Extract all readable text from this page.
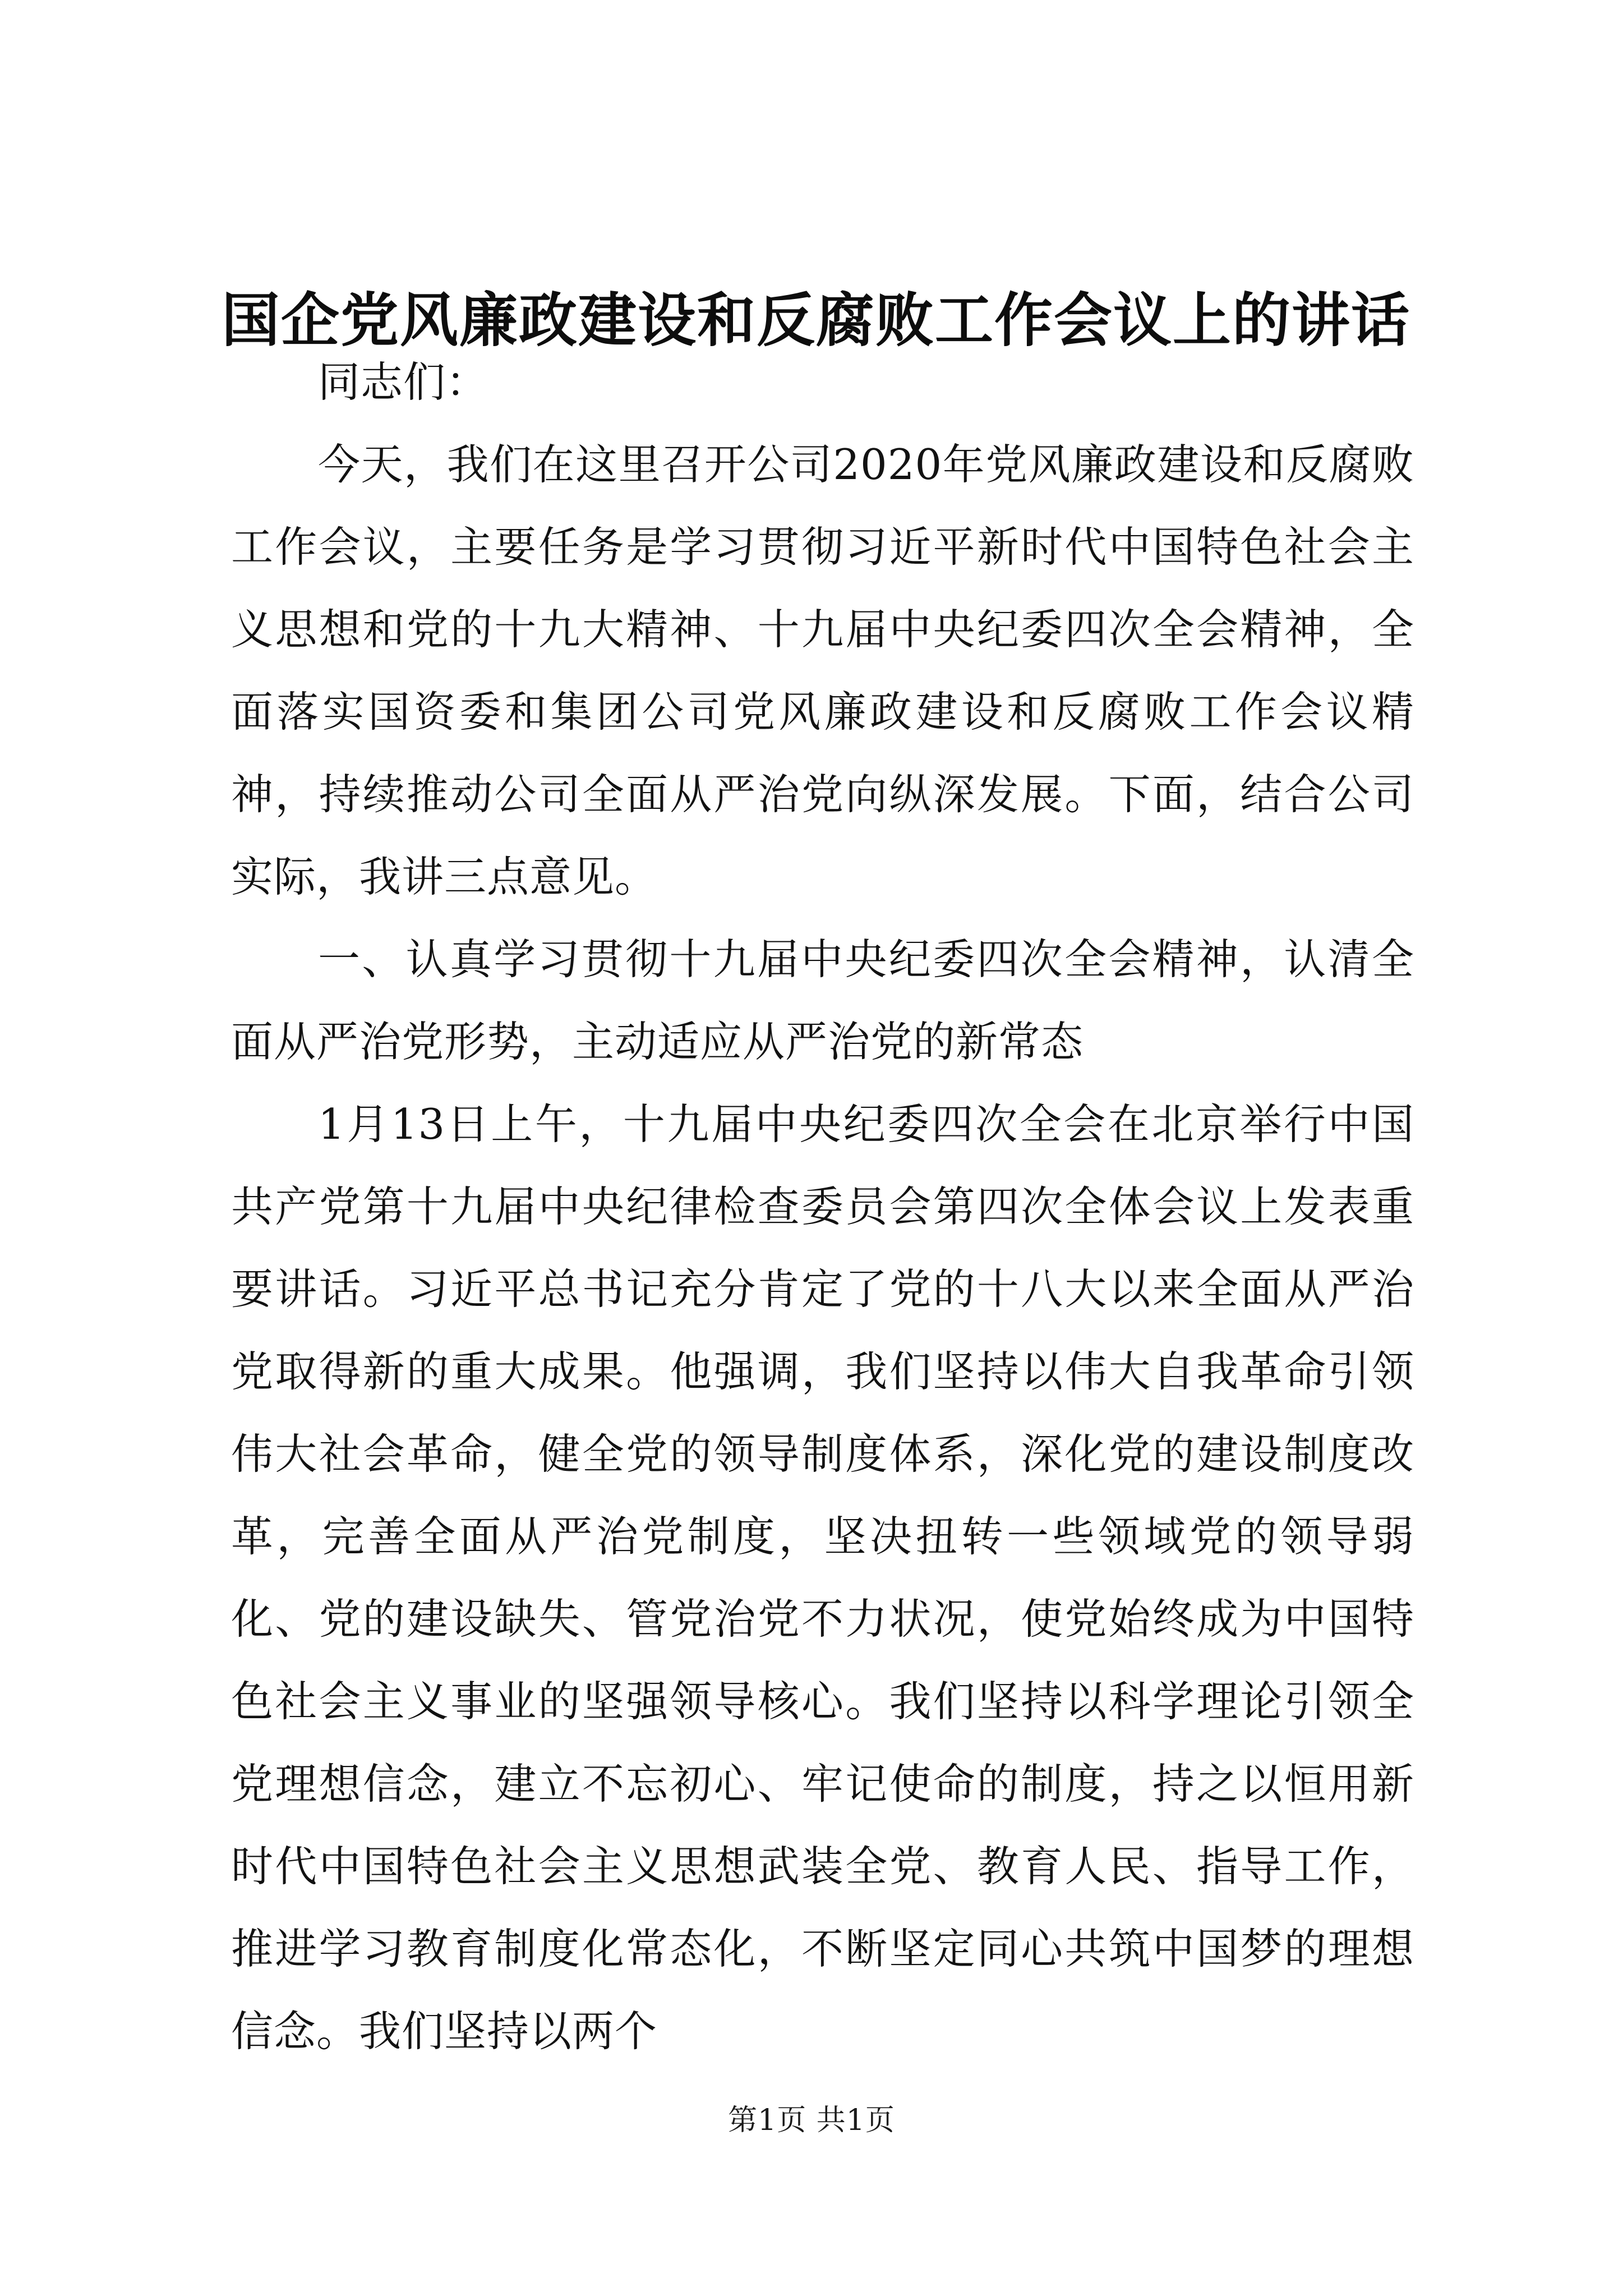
国企党风廉政建设和反腐败工作会议上的讲话

同志们：

今天，我们在这里召开公司2020年党风廉政建设和反腐败工作会议，主要任务是学习贯彻习近平新时代中国特色社会主义思想和党的十九大精神、十九届中央纪委四次全会精神，全面落实国资委和集团公司党风廉政建设和反腐败工作会议精神，持续推动公司全面从严治党向纵深发展。下面，结合公司实际，我讲三点意见。

一、认真学习贯彻十九届中央纪委四次全会精神，认清全面从严治党形势，主动适应从严治党的新常态

1月13日上午，十九届中央纪委四次全会在北京举行中国共产党第十九届中央纪律检查委员会第四次全体会议上发表重要讲话。习近平总书记充分肯定了党的十八大以来全面从严治党取得新的重大成果。他强调，我们坚持以伟大自我革命引领伟大社会革命，健全党的领导制度体系，深化党的建设制度改革，完善全面从严治党制度，坚决扭转一些领域党的领导弱化、党的建设缺失、管党治党不力状况，使党始终成为中国特色社会主义事业的坚强领导核心。我们坚持以科学理论引领全党理想信念，建立不忘初心、牢记使命的制度，持之以恒用新时代中国特色社会主义思想武装全党、教育人民、指导工作，推进学习教育制度化常态化，不断坚定同心共筑中国梦的理想信念。我们坚持以两个

第1页 共1页
